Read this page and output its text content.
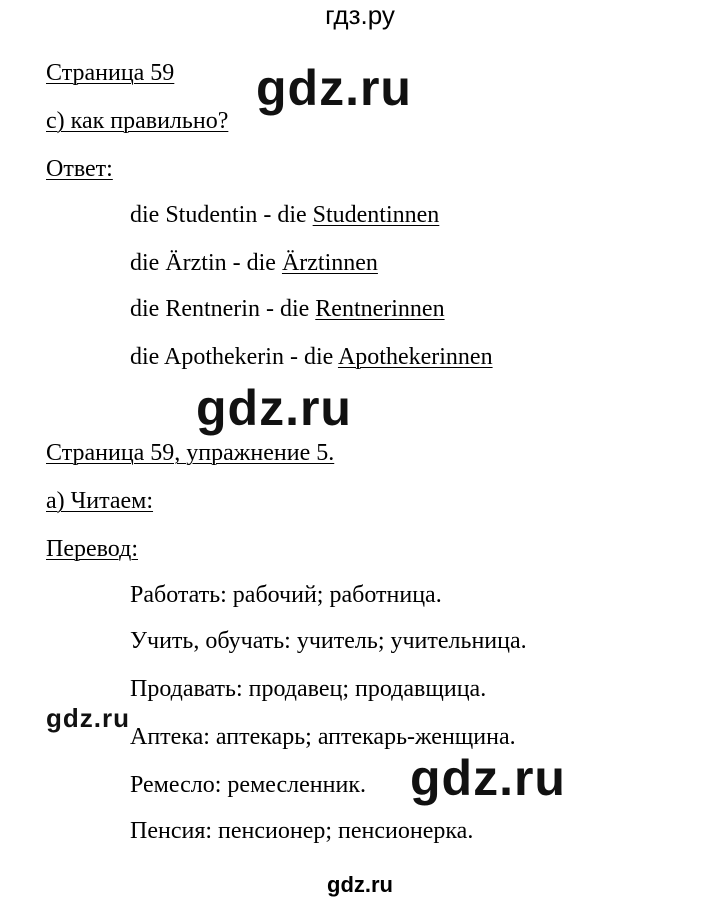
гдз.ру
Страница 59
c) как правильно?
Ответ:
die Studentin - die Studentinnen
die Ärztin - die Ärztinnen
die Rentnerin - die Rentnerinnen
die Apothekerin - die Apothekerinnen
Страница 59, упражнение 5.
а) Читаем:
Перевод:
Работать: рабочий; работница.
Учить, обучать: учитель; учительница.
Продавать: продавец; продавщица.
Аптека: аптекарь; аптекарь-женщина.
Ремесло: ремесленник.
Пенсия: пенсионер; пенсионерка.
gdz.ru
gdz.ru
gdz.ru
gdz.ru
gdz.ru
